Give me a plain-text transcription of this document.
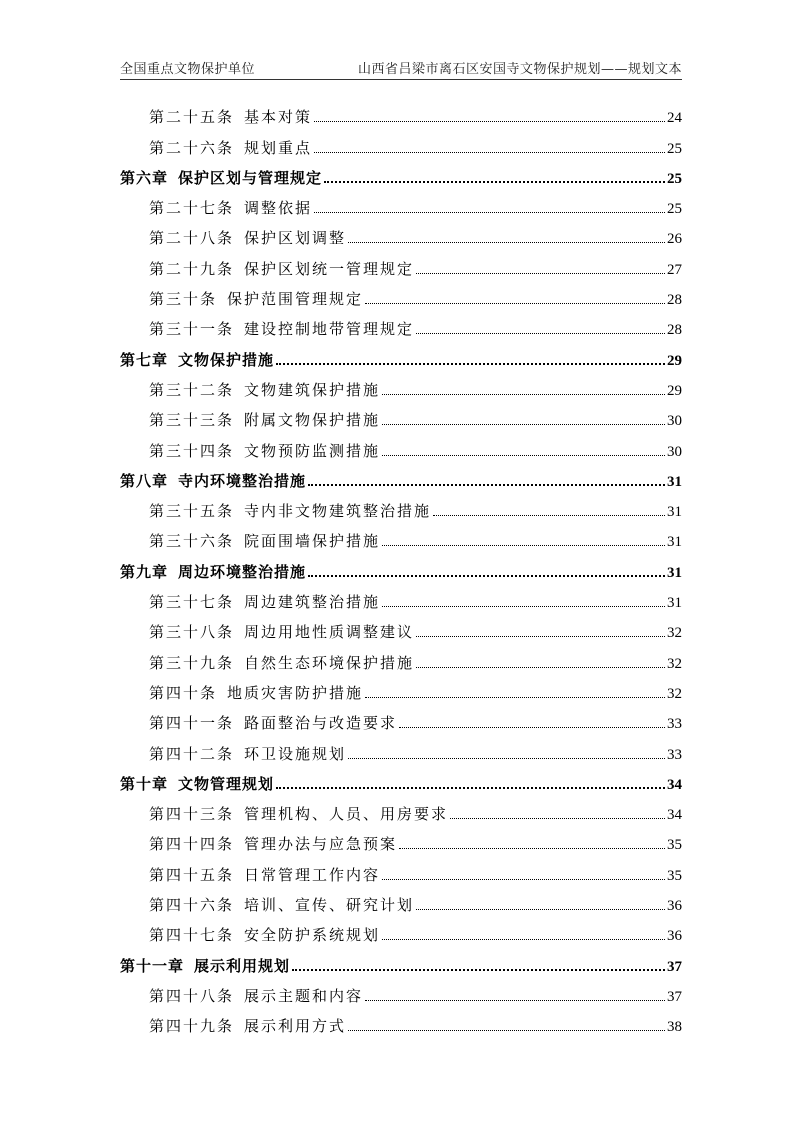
全国重点文物保护单位	山西省吕梁市离石区安国寺文物保护规划——规划文本
第二十五条 基本对策	24
第二十六条 规划重点	25
第六章 保护区划与管理规定	25
第二十七条 调整依据	25
第二十八条 保护区划调整	26
第二十九条 保护区划统一管理规定	27
第三十条 保护范围管理规定	28
第三十一条 建设控制地带管理规定	28
第七章 文物保护措施	29
第三十二条 文物建筑保护措施	29
第三十三条 附属文物保护措施	30
第三十四条 文物预防监测措施	30
第八章 寺内环境整治措施	31
第三十五条 寺内非文物建筑整治措施	31
第三十六条 院面围墙保护措施	31
第九章 周边环境整治措施	31
第三十七条 周边建筑整治措施	31
第三十八条 周边用地性质调整建议	32
第三十九条 自然生态环境保护措施	32
第四十条 地质灾害防护措施	32
第四十一条 路面整治与改造要求	33
第四十二条 环卫设施规划	33
第十章 文物管理规划	34
第四十三条 管理机构、人员、用房要求	34
第四十四条 管理办法与应急预案	35
第四十五条 日常管理工作内容	35
第四十六条 培训、宣传、研究计划	36
第四十七条 安全防护系统规划	36
第十一章 展示利用规划	37
第四十八条 展示主题和内容	37
第四十九条 展示利用方式	38
